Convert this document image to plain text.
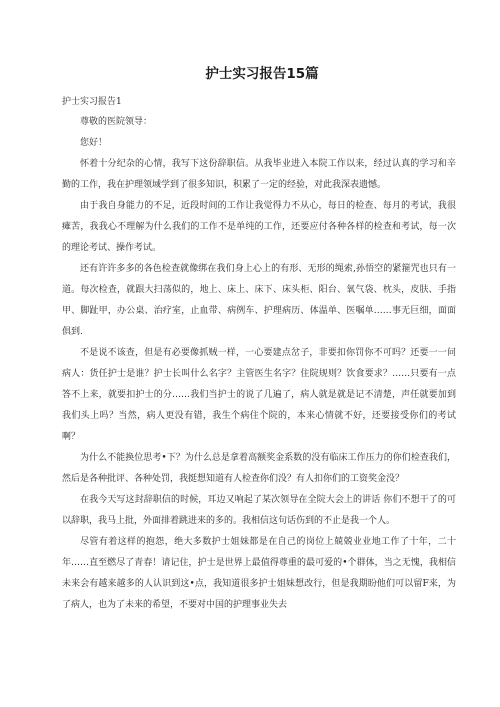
护士实习报告15篇
护士实习报告1

尊敬的医院领导：

您好！

怀着十分纪杂的心情，我写下这份辞职信。从我毕业进入本院工作以来，经过认真的学习和辛勤的工作，我在护理领域学到了很多知识，积累了一定的经验，对此我深表遗憾。

由于我自身能力的不足，近段时间的工作让我觉得力不从心，每日的检查、每月的考试，我很瘫苦，我我心不理解为什么我们的工作不是单纯的工作，还要应付各种各样的检查和考试，每一次的理论考试、操作考试。

还有许许多多的各色检查就像绑在我们身上心上的有形、无形的绳索,孙悟空的紧箍咒也只有一道。每次检查，就跟大扫荡似的，地上、床上、床下、床头柜、阳台、氧气袋、枕头，皮肤、手指甲、脚趾甲，办公桌、治疗室，止血带、病例车、护理病历、体温单、医嘱单……事无巨细，面面俱到.

不是说不该查，但是有必要像抓贼一样，一心要建点岔子，非要扣你罚你不可吗？还要一一问病人：货任护士是谁？护士长叫什么名字？主管医生名字？住院规则？饮食要求？……只要有一点答不上来，就要扣护士的分……我们当护士的说了几遍了，病人就是就是记不清楚，声任就要加到我们头上吗？当然，病人更没有错，我生个病住个院的，本来心情就不好，还要接受你们的考试啊？

为什么不能换位思考•下？为什么总是拿着高额奖金系数的没有临床工作压力的你们检查我们，然后是各种批评、各种处罚，我挺想知道有人检查你们没？有人扣你们的工资奖金没？

在我今天写这封辞职信的时候，耳边又响起了某次领导在全院大会上的讲话 你们不想干了的可以辞职，我马上批，外面排着跳进来的多的。我相信这句话伤到的不止是我一个人。

尽管有着这样的抱怨，绝大多数护士姐妹都是在自己的岗位上兢兢业业地工作了十年，二十年……直至燃尽了青春！请记住，护士是世界上最值得尊重的最可爱的•个群体，当之无愧，我相信未来会有越来越多的人认识到这•点，我知道很多护士姐妹想改行，但是我期盼他们可以留F来，为了病人，也为了未来的希望，不要对中国的护理事业失去
